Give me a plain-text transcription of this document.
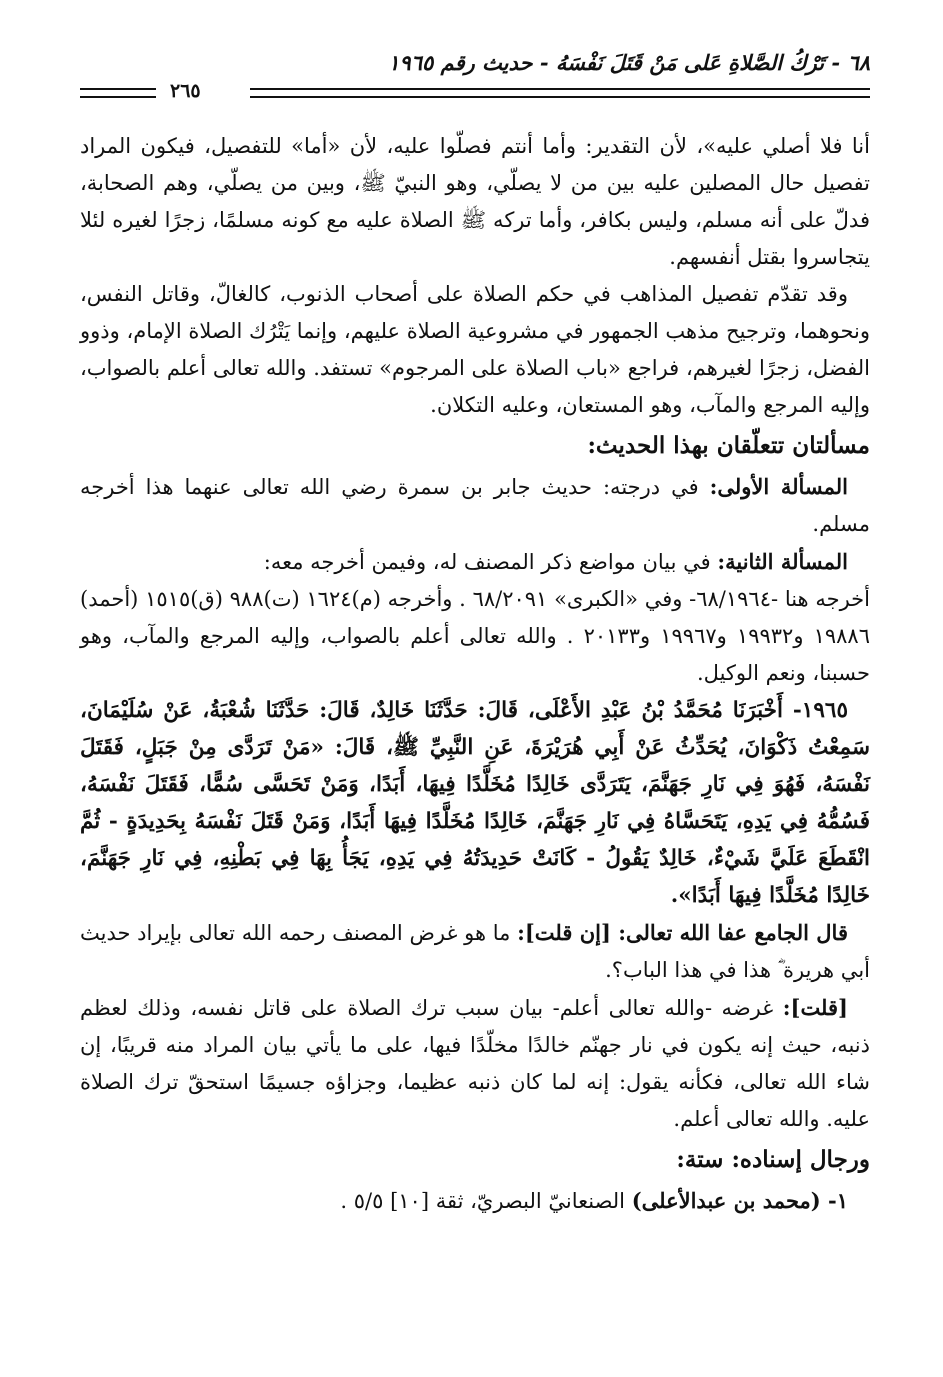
٦٨ - تَرْكُ الصَّلاةِ عَلى مَنْ قَتَلَ نَفْسَهُ - حديث رقم ١٩٦٥
٢٦٥

أنا فلا أصلي عليه»، لأن التقدير: وأما أنتم فصلّوا عليه، لأن «أما» للتفصيل، فيكون المراد تفصيل حال المصلين عليه بين من لا يصلّي، وهو النبيّ ﷺ، وبين من يصلّي، وهم الصحابة، فدلّ على أنه مسلم، وليس بكافر، وأما تركه ﷺ الصلاة عليه مع كونه مسلمًا، زجرًا لغيره لئلا يتجاسروا بقتل أنفسهم.

وقد تقدّم تفصيل المذاهب في حكم الصلاة على أصحاب الذنوب، كالغالّ، وقاتل النفس، ونحوهما، وترجيح مذهب الجمهور في مشروعية الصلاة عليهم، وإنما يَتْرُك الصلاة الإمام، وذوو الفضل، زجرًا لغيرهم، فراجع «باب الصلاة على المرجوم» تستفد. والله تعالى أعلم بالصواب، وإليه المرجع والمآب، وهو المستعان، وعليه التكلان.

مسألتان تتعلّقان بهذا الحديث:

المسألة الأولى: في درجته: حديث جابر بن سمرة رضي الله تعالى عنهما هذا أخرجه مسلم.

المسألة الثانية: في بيان مواضع ذكر المصنف له، وفيمن أخرجه معه:

أخرجه هنا -٦٨/١٩٦٤- وفي «الكبرى» ٦٨/٢٠٩١ . وأخرجه (م)١٦٢٤ (ت)٩٨٨ (ق)١٥١٥ (أحمد) ١٩٨٨٦ و١٩٩٣٢ و١٩٩٦٧ و٢٠١٣٣ . والله تعالى أعلم بالصواب، وإليه المرجع والمآب، وهو حسبنا، ونعم الوكيل.

١٩٦٥- أَخْبَرَنَا مُحَمَّدُ بْنُ عَبْدِ الأَعْلَى، قَالَ: حَدَّثَنَا خَالِدٌ، قَالَ: حَدَّثَنَا شُعْبَةُ، عَنْ سُلَيْمَانَ، سَمِعْتُ ذَكْوَانَ، يُحَدِّثُ عَنْ أَبِي هُرَيْرَةَ، عَنِ النَّبِيِّ ﷺ، قَالَ: «مَنْ تَرَدَّى مِنْ جَبَلٍ، فَقَتَلَ نَفْسَهُ، فَهُوَ فِي نَارِ جَهَنَّمَ، يَتَرَدَّى خَالِدًا مُخَلَّدًا فِيهَا، أَبَدًا، وَمَنْ تَحَسَّى سُمًّا، فَقَتَلَ نَفْسَهُ، فَسُمُّهُ فِي يَدِهِ، يَتَحَسَّاهُ فِي نَارِ جَهَنَّمَ، خَالِدًا مُخَلَّدًا فِيهَا أَبَدًا، وَمَنْ قَتَلَ نَفْسَهُ بِحَدِيدَةٍ - ثُمَّ انْقَطَعَ عَلَيَّ شَيْءٌ، خَالِدٌ يَقُولُ - كَانَتْ حَدِيدَتُهُ فِي يَدِهِ، يَجَأُ بِهَا فِي بَطْنِهِ، فِي نَارِ جَهَنَّمَ، خَالِدًا مُخَلَّدًا فِيهَا أَبَدًا».

قال الجامع عفا الله تعالى: [إن قلت]: ما هو غرض المصنف رحمه الله تعالى بإيراد حديث أبي هريرة ؓ هذا في هذا الباب؟.

[قلت]: غرضه -والله تعالى أعلم- بيان سبب ترك الصلاة على قاتل نفسه، وذلك لعظم ذنبه، حيث إنه يكون في نار جهنّم خالدًا مخلّدًا فيها، على ما يأتي بيان المراد منه قريبًا، إن شاء الله تعالى، فكأنه يقول: إنه لما كان ذنبه عظيما، وجزاؤه جسيمًا استحقّ ترك الصلاة عليه. والله تعالى أعلم.

ورجال إسناده: ستة:

١- (محمد بن عبدالأعلى) الصنعانيّ البصريّ، ثقة [١٠] ٥/٥ .
